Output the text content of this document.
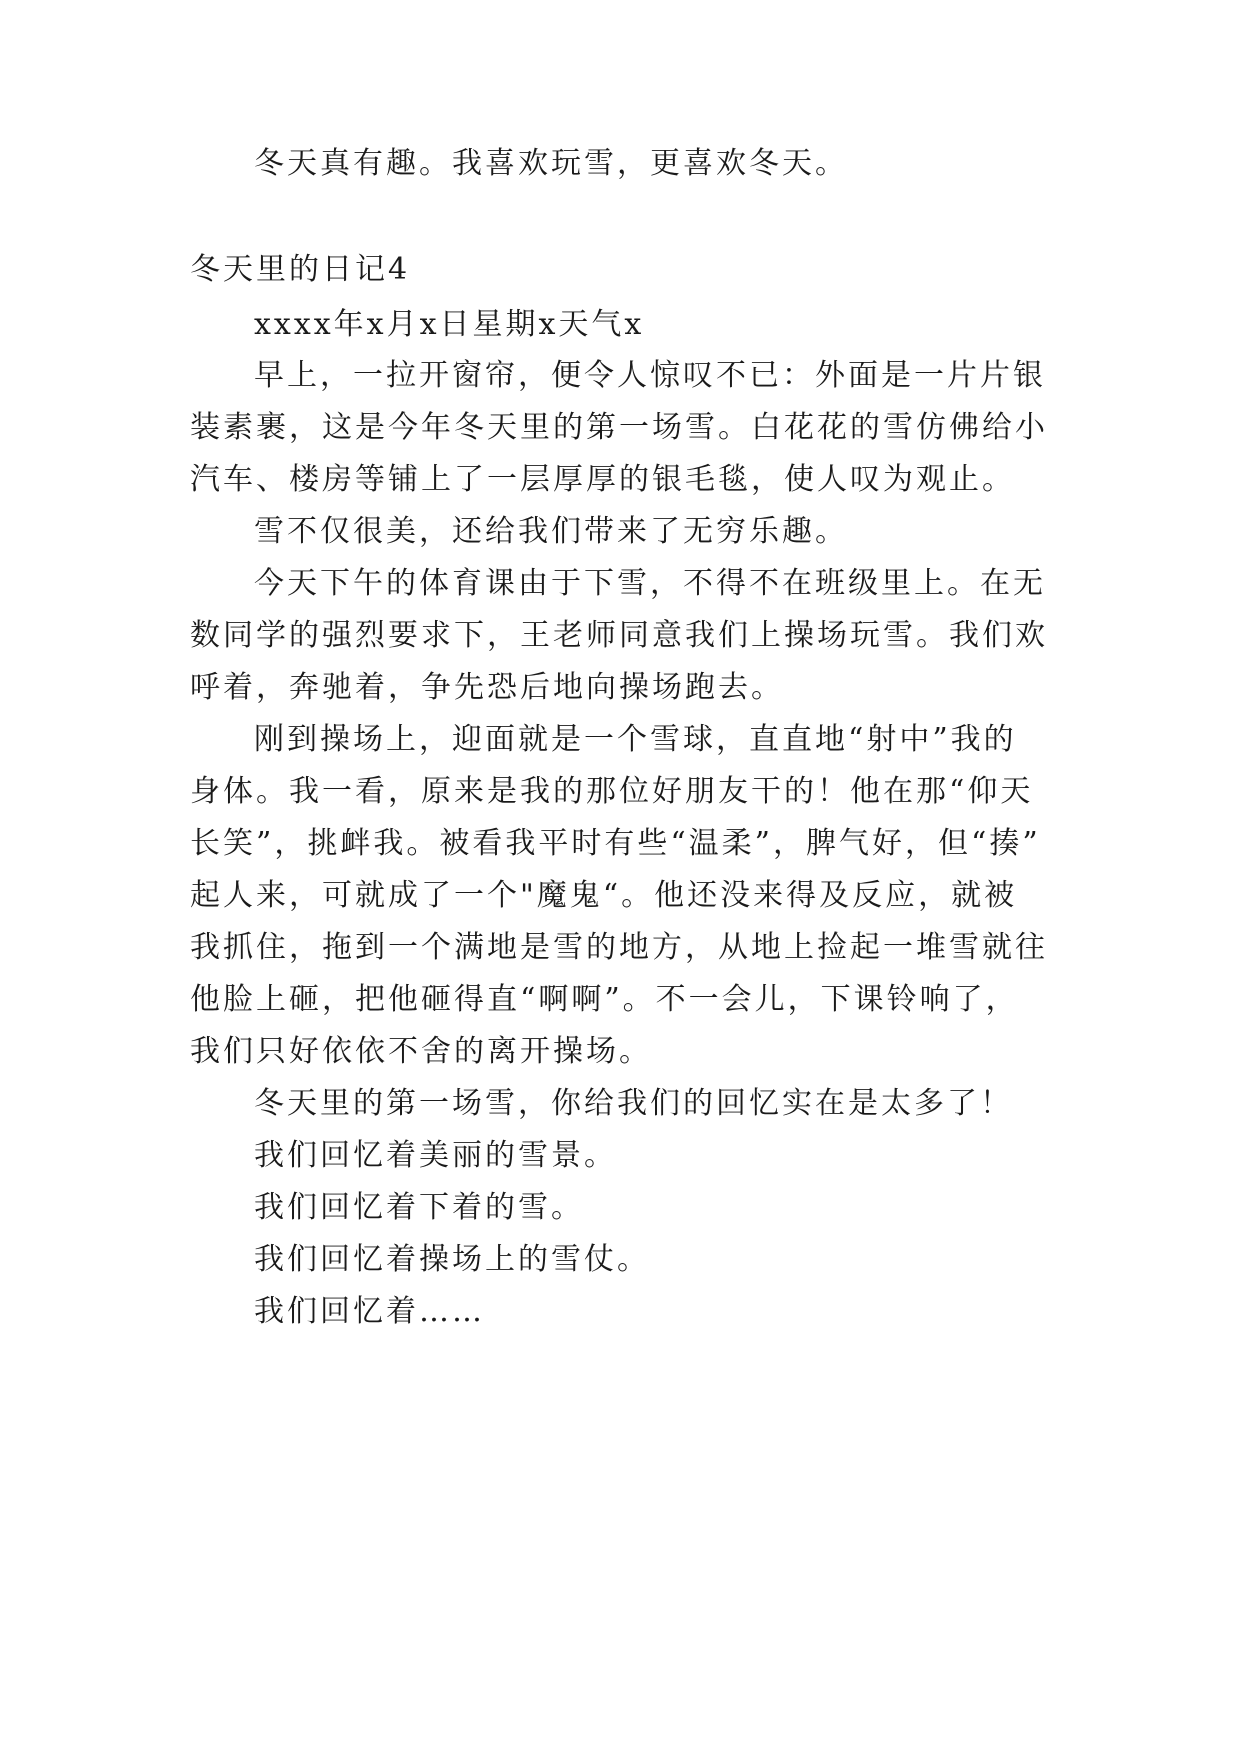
冬天真有趣。我喜欢玩雪，更喜欢冬天。
冬天里的日记4
xxxx年x月x日星期x天气x
早上，一拉开窗帘，便令人惊叹不已：外面是一片片银
装素裹，这是今年冬天里的第一场雪。白花花的雪仿佛给小
汽车、楼房等铺上了一层厚厚的银毛毯，使人叹为观止。
雪不仅很美，还给我们带来了无穷乐趣。
今天下午的体育课由于下雪，不得不在班级里上。在无
数同学的强烈要求下，王老师同意我们上操场玩雪。我们欢
呼着，奔驰着，争先恐后地向操场跑去。
刚到操场上，迎面就是一个雪球，直直地“射中”我的
身体。我一看，原来是我的那位好朋友干的！他在那“仰天
长笑”，挑衅我。被看我平时有些“温柔”，脾气好，但“揍”
起人来，可就成了一个"魔鬼“。他还没来得及反应，就被
我抓住，拖到一个满地是雪的地方，从地上捡起一堆雪就往
他脸上砸，把他砸得直“啊啊”。不一会儿，下课铃响了，
我们只好依依不舍的离开操场。
冬天里的第一场雪，你给我们的回忆实在是太多了！
我们回忆着美丽的雪景。
我们回忆着下着的雪。
我们回忆着操场上的雪仗。
我们回忆着……
